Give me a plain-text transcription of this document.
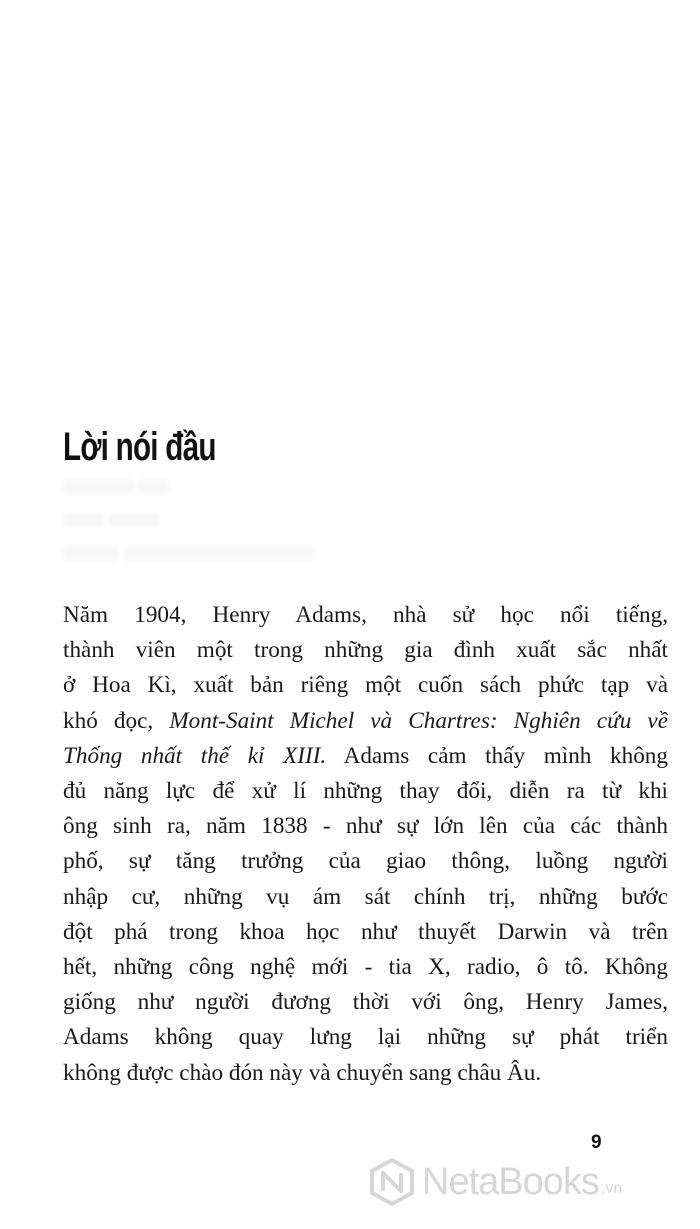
Lời nói đầu
Năm 1904, Henry Adams, nhà sử học nổi tiếng,
thành viên một trong những gia đình xuất sắc nhất
ở Hoa Kì, xuất bản riêng một cuốn sách phức tạp và
khó đọc, Mont-Saint Michel và Chartres: Nghiên cứu về
Thống nhất thế kỉ XIII. Adams cảm thấy mình không
đủ năng lực để xử lí những thay đổi, diễn ra từ khi
ông sinh ra, năm 1838 - như sự lớn lên của các thành
phố, sự tăng trưởng của giao thông, luồng người
nhập cư, những vụ ám sát chính trị, những bước
đột phá trong khoa học như thuyết Darwin và trên
hết, những công nghệ mới - tia X, radio, ô tô. Không
giống như người đương thời với ông, Henry James,
Adams không quay lưng lại những sự phát triển
không được chào đón này và chuyển sang châu Âu.
9
NetaBooks .vn
